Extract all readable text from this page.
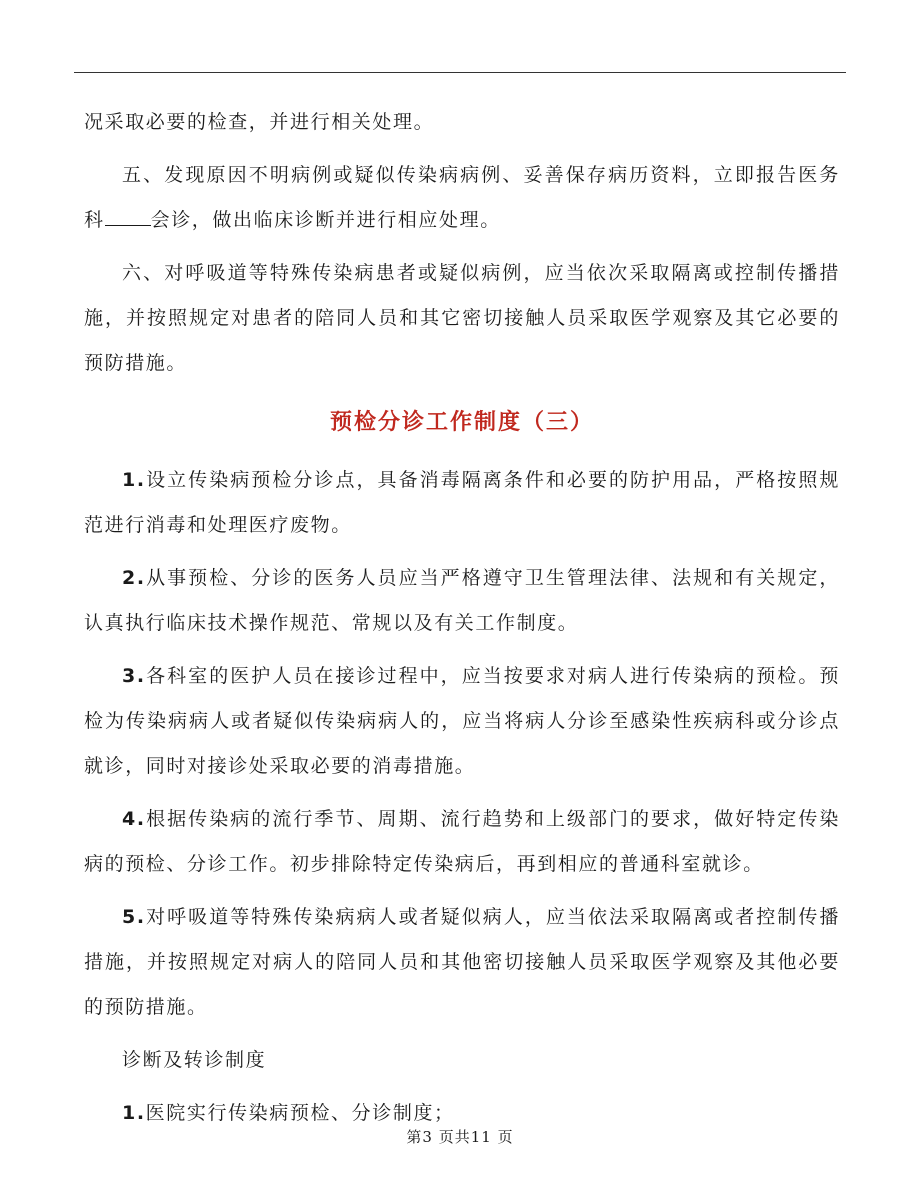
况采取必要的检查，并进行相关处理。

五、发现原因不明病例或疑似传染病病例、妥善保存病历资料，立即报告医务科 会诊，做出临床诊断并进行相应处理。

六、对呼吸道等特殊传染病患者或疑似病例，应当依次采取隔离或控制传播措施，并按照规定对患者的陪同人员和其它密切接触人员采取医学观察及其它必要的预防措施。

预检分诊工作制度（三）

1.设立传染病预检分诊点，具备消毒隔离条件和必要的防护用品，严格按照规范进行消毒和处理医疗废物。

2.从事预检、分诊的医务人员应当严格遵守卫生管理法律、法规和有关规定，认真执行临床技术操作规范、常规以及有关工作制度。

3.各科室的医护人员在接诊过程中，应当按要求对病人进行传染病的预检。预检为传染病病人或者疑似传染病病人的，应当将病人分诊至感染性疾病科或分诊点就诊，同时对接诊处采取必要的消毒措施。

4.根据传染病的流行季节、周期、流行趋势和上级部门的要求，做好特定传染病的预检、分诊工作。初步排除特定传染病后，再到相应的普通科室就诊。

5.对呼吸道等特殊传染病病人或者疑似病人，应当依法采取隔离或者控制传播措施，并按照规定对病人的陪同人员和其他密切接触人员采取医学观察及其他必要的预防措施。

诊断及转诊制度

1.医院实行传染病预检、分诊制度；

第3 页共11 页
